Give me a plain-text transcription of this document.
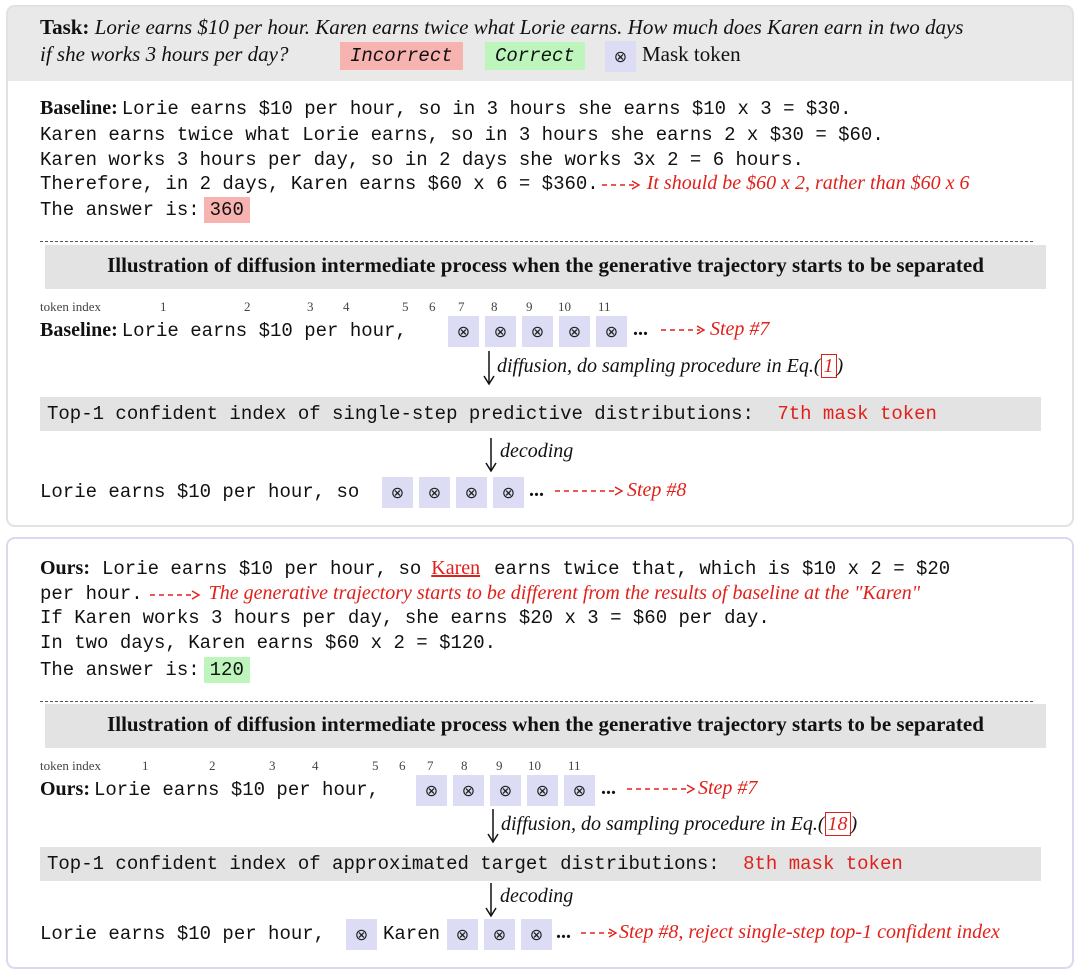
Task: Lorie earns $10 per hour. Karen earns twice what Lorie earns. How much does Karen earn in two days
if she works 3 hours per day?	Incorrect	Correct	⊗ Mask token
Baseline: Lorie earns $10 per hour, so in 3 hours she earns $10 x 3 = $30.
Karen earns twice what Lorie earns, so in 3 hours she earns 2 x $30 = $60.
Karen works 3 hours per day, so in 2 days she works 3x 2 = 6 hours.
Therefore, in 2 days, Karen earns $60 x 6 = $360. It should be $60 x 2, rather than $60 x 6
The answer is: 360
Illustration of diffusion intermediate process when the generative trajectory starts to be separated
token index	1	2	3 4	5 6 7 8 9 10 11
Baseline: Lorie earns $10 per hour,	⊗ ⊗ ⊗ ⊗ ⊗ ...	Step #7
diffusion, do sampling procedure in Eq.( 1 )
Top-1 confident index of single-step predictive distributions: 7th mask token
decoding
Lorie earns $10 per hour, so ⊗ ⊗ ⊗ ⊗ ...	Step #8
Ours: Lorie earns $10 per hour, so Karen earns twice that, which is $10 x 2 = $20
per hour.	The generative trajectory starts to be different from the results of baseline at the "Karen"
If Karen works 3 hours per day, she earns $20 x 3 = $60 per day.
In two days, Karen earns $60 x 2 = $120.
The answer is: 120
Illustration of diffusion intermediate process when the generative trajectory starts to be separated
token index	1	2	3	4	5 6 7 8 9 10 11
Ours: Lorie earns $10 per hour,	⊗ ⊗ ⊗ ⊗ ⊗ ...	Step #7
diffusion, do sampling procedure in Eq.( 18 )
Top-1 confident index of approximated target distributions: 8th mask token
decoding
Lorie earns $10 per hour, ⊗ Karen ⊗ ⊗ ⊗ ... Step #8, reject single-step top-1 confident index
